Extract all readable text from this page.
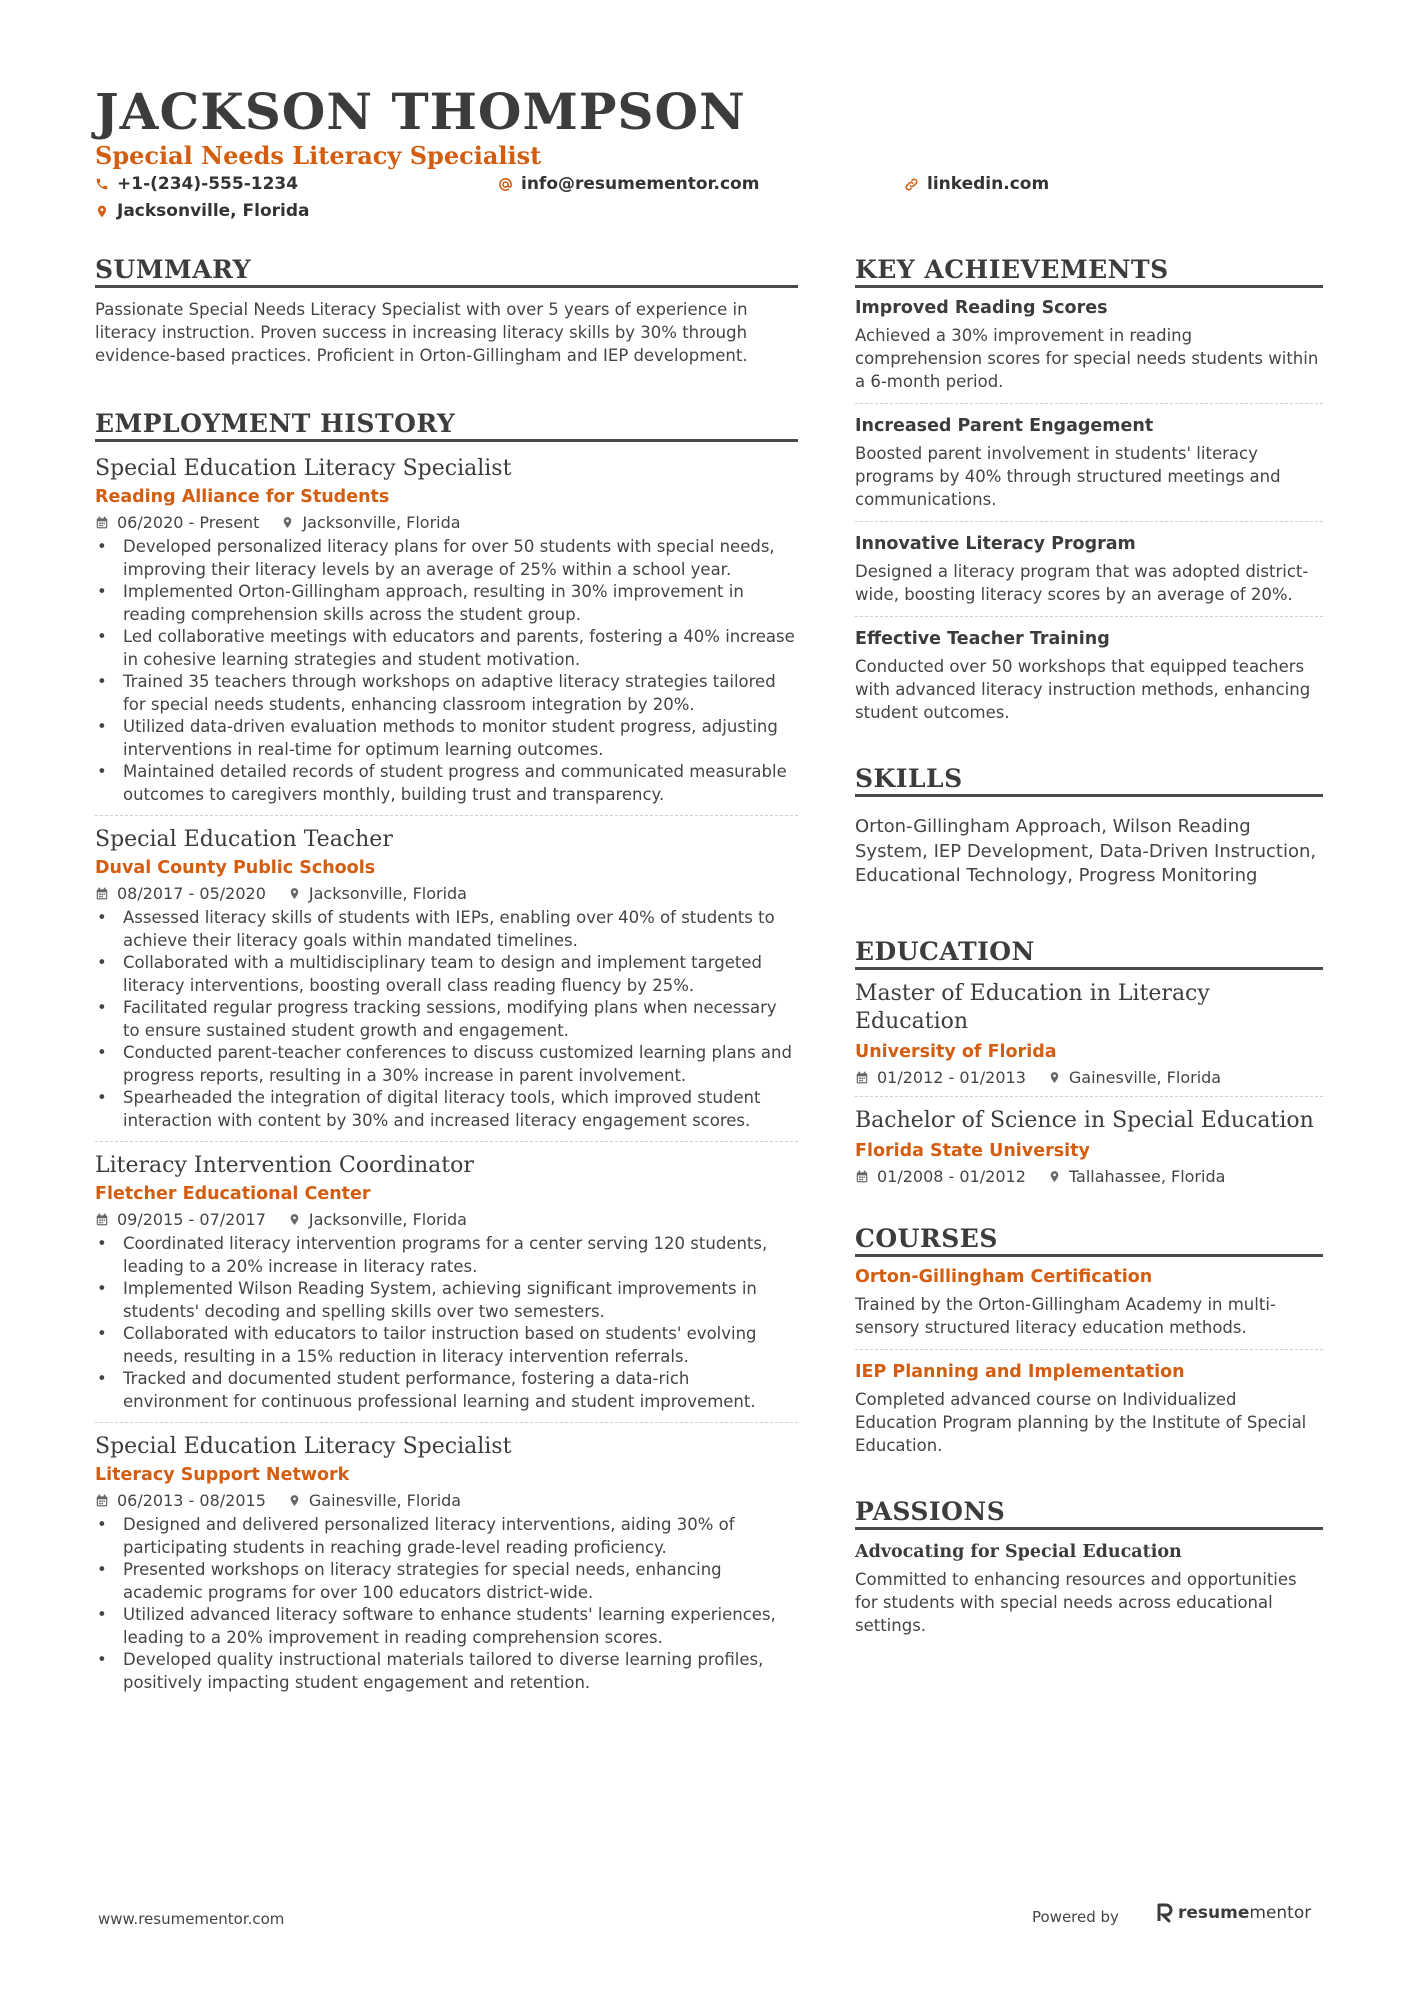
JACKSON THOMPSON
Special Needs Literacy Specialist
+1-(234)-555-1234	info@resumementor.com	linkedin.com
Jacksonville, Florida
SUMMARY
Passionate Special Needs Literacy Specialist with over 5 years of experience in literacy instruction. Proven success in increasing literacy skills by 30% through evidence-based practices. Proficient in Orton-Gillingham and IEP development.
EMPLOYMENT HISTORY
Special Education Literacy Specialist
Reading Alliance for Students
06/2020 - Present	Jacksonville, Florida
• Developed personalized literacy plans for over 50 students with special needs, improving their literacy levels by an average of 25% within a school year.
• Implemented Orton-Gillingham approach, resulting in 30% improvement in reading comprehension skills across the student group.
• Led collaborative meetings with educators and parents, fostering a 40% increase in cohesive learning strategies and student motivation.
• Trained 35 teachers through workshops on adaptive literacy strategies tailored for special needs students, enhancing classroom integration by 20%.
• Utilized data-driven evaluation methods to monitor student progress, adjusting interventions in real-time for optimum learning outcomes.
• Maintained detailed records of student progress and communicated measurable outcomes to caregivers monthly, building trust and transparency.
Special Education Teacher
Duval County Public Schools
08/2017 - 05/2020	Jacksonville, Florida
• Assessed literacy skills of students with IEPs, enabling over 40% of students to achieve their literacy goals within mandated timelines.
• Collaborated with a multidisciplinary team to design and implement targeted literacy interventions, boosting overall class reading fluency by 25%.
• Facilitated regular progress tracking sessions, modifying plans when necessary to ensure sustained student growth and engagement.
• Conducted parent-teacher conferences to discuss customized learning plans and progress reports, resulting in a 30% increase in parent involvement.
• Spearheaded the integration of digital literacy tools, which improved student interaction with content by 30% and increased literacy engagement scores.
Literacy Intervention Coordinator
Fletcher Educational Center
09/2015 - 07/2017	Jacksonville, Florida
• Coordinated literacy intervention programs for a center serving 120 students, leading to a 20% increase in literacy rates.
• Implemented Wilson Reading System, achieving significant improvements in students' decoding and spelling skills over two semesters.
• Collaborated with educators to tailor instruction based on students' evolving needs, resulting in a 15% reduction in literacy intervention referrals.
• Tracked and documented student performance, fostering a data-rich environment for continuous professional learning and student improvement.
Special Education Literacy Specialist
Literacy Support Network
06/2013 - 08/2015	Gainesville, Florida
• Designed and delivered personalized literacy interventions, aiding 30% of participating students in reaching grade-level reading proficiency.
• Presented workshops on literacy strategies for special needs, enhancing academic programs for over 100 educators district-wide.
• Utilized advanced literacy software to enhance students' learning experiences, leading to a 20% improvement in reading comprehension scores.
• Developed quality instructional materials tailored to diverse learning profiles, positively impacting student engagement and retention.
KEY ACHIEVEMENTS
Improved Reading Scores
Achieved a 30% improvement in reading comprehension scores for special needs students within a 6-month period.
Increased Parent Engagement
Boosted parent involvement in students' literacy programs by 40% through structured meetings and communications.
Innovative Literacy Program
Designed a literacy program that was adopted district-wide, boosting literacy scores by an average of 20%.
Effective Teacher Training
Conducted over 50 workshops that equipped teachers with advanced literacy instruction methods, enhancing student outcomes.
SKILLS
Orton-Gillingham Approach, Wilson Reading System, IEP Development, Data-Driven Instruction, Educational Technology, Progress Monitoring
EDUCATION
Master of Education in Literacy Education
University of Florida
01/2012 - 01/2013	Gainesville, Florida
Bachelor of Science in Special Education
Florida State University
01/2008 - 01/2012	Tallahassee, Florida
COURSES
Orton-Gillingham Certification
Trained by the Orton-Gillingham Academy in multi-sensory structured literacy education methods.
IEP Planning and Implementation
Completed advanced course on Individualized Education Program planning by the Institute of Special Education.
PASSIONS
Advocating for Special Education
Committed to enhancing resources and opportunities for students with special needs across educational settings.
www.resumementor.com	Powered by	resume mentor
